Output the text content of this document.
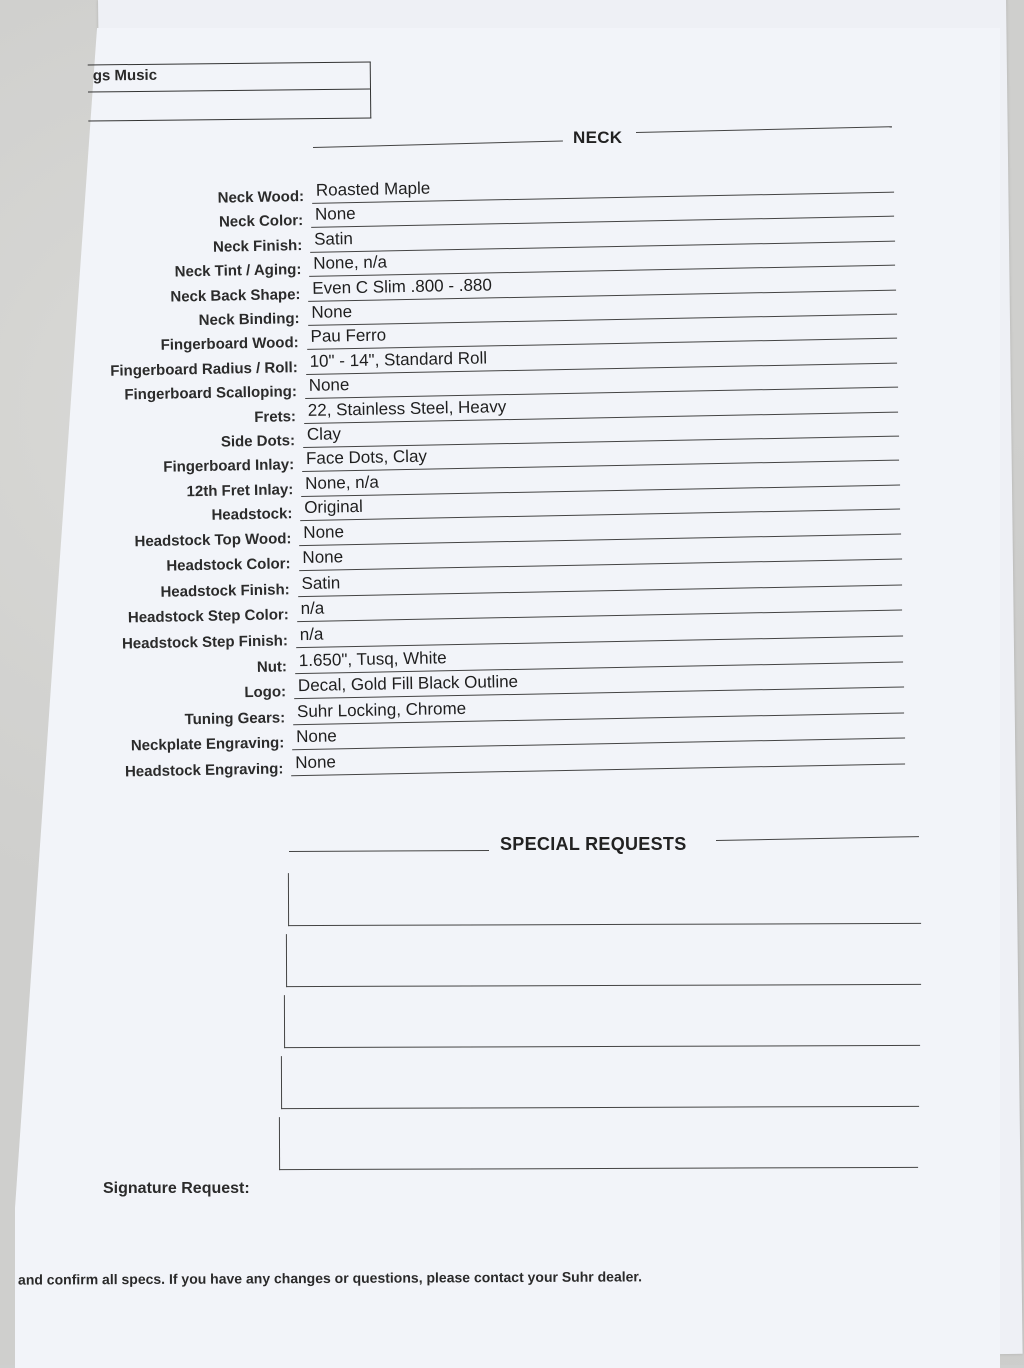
gs Music
NECK
Neck Wood: Roasted Maple
Neck Color: None
Neck Finish: Satin
Neck Tint / Aging: None, n/a
Neck Back Shape: Even C Slim .800 - .880
Neck Binding: None
Fingerboard Wood: Pau Ferro
Fingerboard Radius / Roll: 10" - 14", Standard Roll
Fingerboard Scalloping: None
Frets: 22, Stainless Steel, Heavy
Side Dots: Clay
Fingerboard Inlay: Face Dots, Clay
12th Fret Inlay: None, n/a
Headstock: Original
Headstock Top Wood: None
Headstock Color: None
Headstock Finish: Satin
Headstock Step Color: n/a
Headstock Step Finish: n/a
Nut: 1.650", Tusq, White
Logo: Decal, Gold Fill Black Outline
Tuning Gears: Suhr Locking, Chrome
Neckplate Engraving: None
Headstock Engraving: None
SPECIAL REQUESTS
Signature Request:
and confirm all specs. If you have any changes or questions, please contact your Suhr dealer.
